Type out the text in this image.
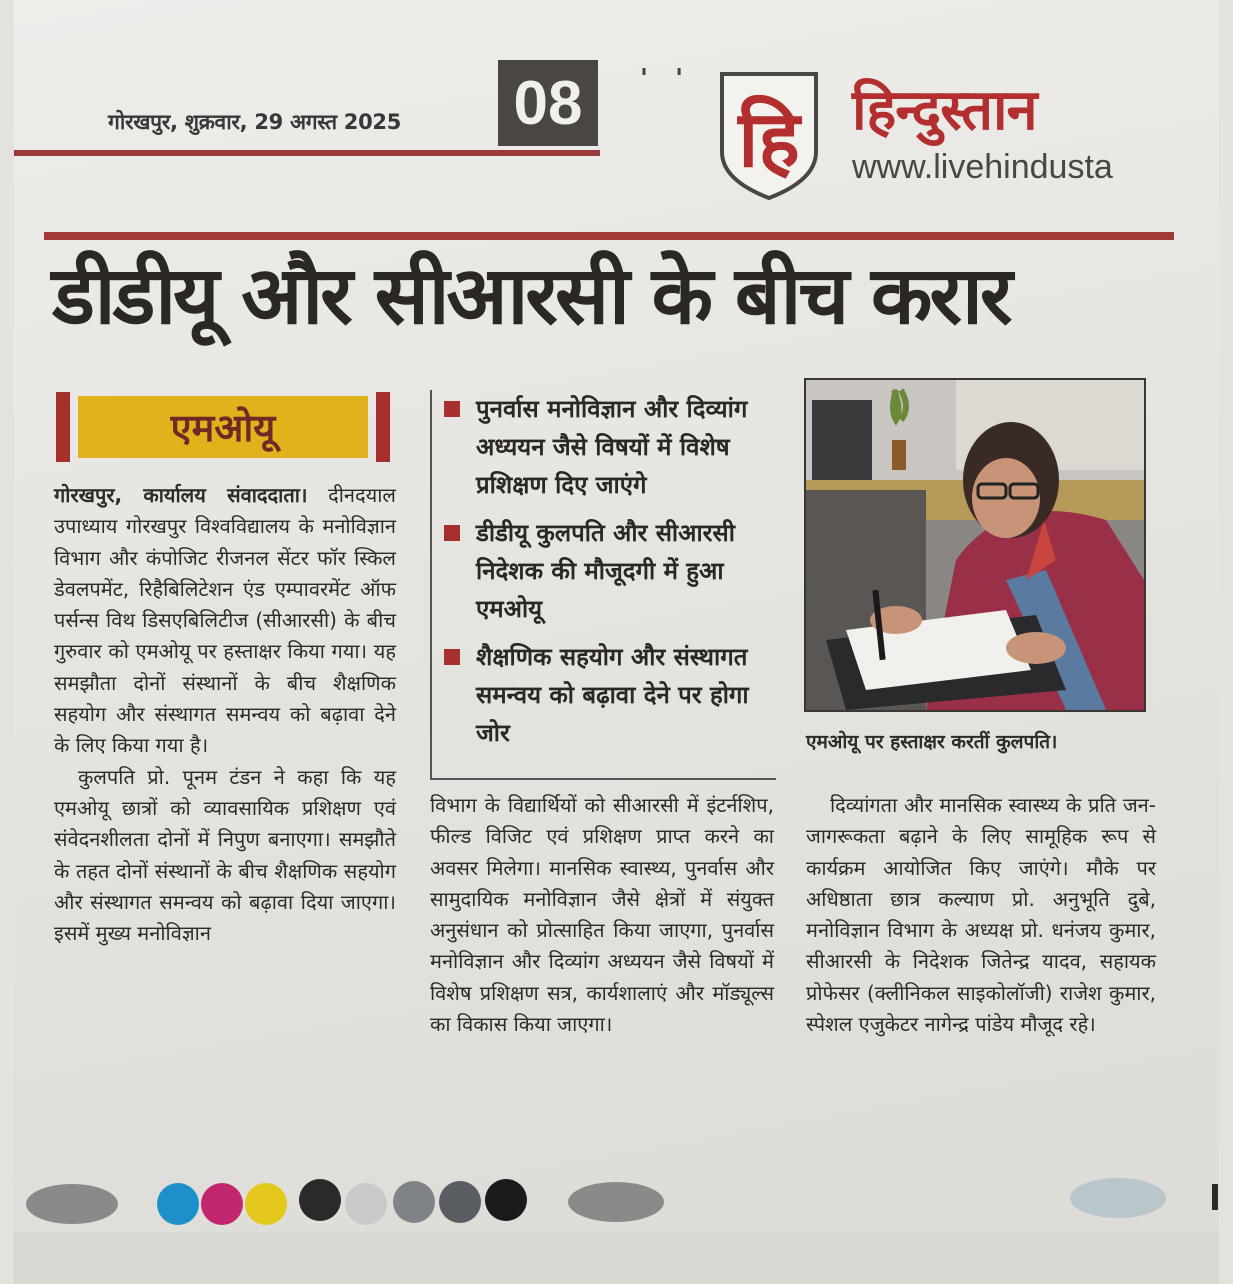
गोरखपुर, शुक्रवार, 29 अगस्त 2025 08	'   '
हि हिन्दुस्तान
www.livehindusta
डीडीयू और सीआरसी के बीच करार
एमओयू

गोरखपुर, कार्यालय संवाददाता। दीनदयाल उपाध्याय गोरखपुर विश्वविद्यालय के मनोविज्ञान विभाग और कंपोजिट रीजनल सेंटर फॉर स्किल डेवलपमेंट, रिहैबिलिटेशन एंड एम्पावरमेंट ऑफ पर्सन्स विथ डिसएबिलिटीज (सीआरसी) के बीच गुरुवार को एमओयू पर हस्ताक्षर किया गया। यह समझौता दोनों संस्थानों के बीच शैक्षणिक सहयोग और संस्थागत समन्वय को बढ़ावा देने के लिए किया गया है।

कुलपति प्रो. पूनम टंडन ने कहा कि यह एमओयू छात्रों को व्यावसायिक प्रशिक्षण एवं संवेदनशीलता दोनों में निपुण बनाएगा। समझौते के तहत दोनों संस्थानों के बीच शैक्षणिक सहयोग और संस्थागत समन्वय को बढ़ावा दिया जाएगा। इसमें मुख्य मनोविज्ञान

पुनर्वास मनोविज्ञान और दिव्यांग अध्ययन जैसे विषयों में विशेष प्रशिक्षण दिए जाएंगे
डीडीयू कुलपति और सीआरसी निदेशक की मौजूदगी में हुआ एमओयू
शैक्षणिक सहयोग और संस्थागत समन्वय को बढ़ावा देने पर होगा जोर	एमओयू पर हस्ताक्षर करतीं कुलपति।

विभाग के विद्यार्थियों को सीआरसी में इंटर्नशिप, फील्ड विजिट एवं प्रशिक्षण प्राप्त करने का अवसर मिलेगा। मानसिक स्वास्थ्य, पुनर्वास और सामुदायिक मनोविज्ञान जैसे क्षेत्रों में संयुक्त अनुसंधान को प्रोत्साहित किया जाएगा, पुनर्वास मनोविज्ञान और दिव्यांग अध्ययन जैसे विषयों में विशेष प्रशिक्षण सत्र, कार्यशालाएं और मॉड्यूल्स का विकास किया जाएगा।

दिव्यांगता और मानसिक स्वास्थ्य के प्रति जन-जागरूकता बढ़ाने के लिए सामूहिक रूप से कार्यक्रम आयोजित किए जाएंगे। मौके पर अधिष्ठाता छात्र कल्याण प्रो. अनुभूति दुबे, मनोविज्ञान विभाग के अध्यक्ष प्रो. धनंजय कुमार, सीआरसी के निदेशक जितेन्द्र यादव, सहायक प्रोफेसर (क्लीनिकल साइकोलॉजी) राजेश कुमार, स्पेशल एजुकेटर नागेन्द्र पांडेय मौजूद रहे।
